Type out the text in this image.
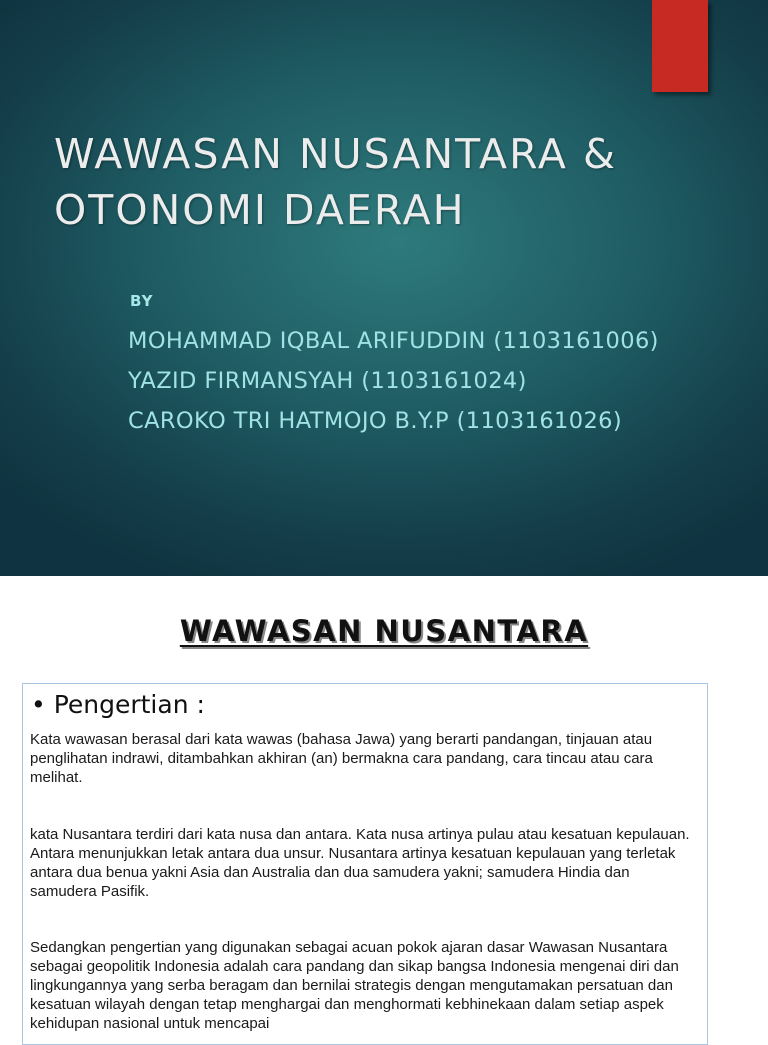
WAWASAN NUSANTARA &
OTONOMI DAERAH

BY

MOHAMMAD IQBAL ARIFUDDIN (1103161006)
YAZID FIRMANSYAH (1103161024)
CAROKO TRI HATMOJO B.Y.P (1103161026)
WAWASAN NUSANTARA

• Pengertian :

Kata wawasan berasal dari kata wawas (bahasa Jawa) yang berarti pandangan, tinjauan atau penglihatan indrawi, ditambahkan akhiran (an) bermakna cara pandang, cara tincau atau cara melihat.

kata Nusantara terdiri dari kata nusa dan antara. Kata nusa artinya pulau atau kesatuan kepulauan. Antara menunjukkan letak antara dua unsur. Nusantara artinya kesatuan kepulauan yang terletak antara dua benua yakni Asia dan Australia dan dua samudera yakni; samudera Hindia dan samudera Pasifik.

Sedangkan pengertian yang digunakan sebagai acuan pokok ajaran dasar Wawasan Nusantara sebagai geopolitik Indonesia adalah cara pandang dan sikap bangsa Indonesia mengenai diri dan lingkungannya yang serba beragam dan bernilai strategis dengan mengutamakan persatuan dan kesatuan wilayah dengan tetap menghargai dan menghormati kebhinekaan dalam setiap aspek kehidupan nasional untuk mencapai
